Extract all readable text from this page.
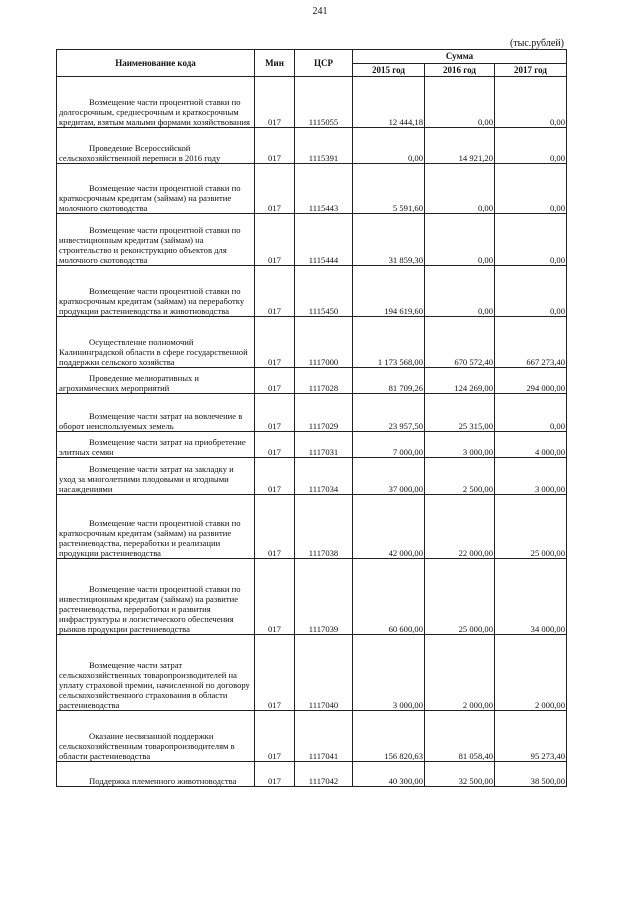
241
(тыс.рублей)
Наименование кода	Мин	ЦСР	Сумма		
			2015 год	2016 год	2017 год
Возмещение части процентной ставки по долгосрочным, среднесрочным и краткосрочным кредитам, взятым малыми формами хозяйствования	017	1115055	12 444,18	0,00	0,00
Проведение Всероссийской сельскохозяйственной переписи в 2016 году	017	1115391	0,00	14 921,20	0,00
Возмещение части процентной ставки по краткосрочным кредитам (займам) на развитие молочного скотоводства	017	1115443	5 591,60	0,00	0,00
Возмещение части процентной ставки по инвестиционным кредитам (займам) на строительство и реконструкцию объектов для молочного скотоводства	017	1115444	31 859,30	0,00	0,00
Возмещение части процентной ставки по краткосрочным кредитам (займам) на переработку продукции растениеводства и животноводства	017	1115450	194 619,60	0,00	0,00
Осуществление полномочий Калининградской области в сфере государственной поддержки сельского хозяйства	017	1117000	1 173 568,00	670 572,40	667 273,40
Проведение мелиоративных и агрохимических мероприятий	017	1117028	81 709,26	124 269,00	294 000,00
Возмещение части затрат на вовлечение в оборот неиспользуемых земель	017	1117029	23 957,50	25 315,00	0,00
Возмещение части затрат на приобретение элитных семян	017	1117031	7 000,00	3 000,00	4 000,00
Возмещение части затрат на закладку и уход за многолетними плодовыми и ягодными насаждениями	017	1117034	37 000,00	2 500,00	3 000,00
Возмещение части процентной ставки по краткосрочным кредитам (займам) на развитие растениеводства, переработки и реализации продукции растениеводства	017	1117038	42 000,00	22 000,00	25 000,00
Возмещение части процентной ставки по инвестиционным кредитам (займам) на развитие растениеводства, переработки и развития инфраструктуры и логистического обеспечения рынков продукции растениеводства	017	1117039	60 600,00	25 000,00	34 000,00
Возмещение части затрат сельскохозяйственных товаропроизводителей на уплату страховой премии, начисленной по договору сельскохозяйственного страхования в области растениеводства	017	1117040	3 000,00	2 000,00	2 000,00
Оказание несвязанной поддержки сельскохозяйственным товаропроизводителям в области растениеводства	017	1117041	156 820,63	81 058,40	95 273,40
Поддержка племенного животноводства	017	1117042	40 300,00	32 500,00	38 500,00
